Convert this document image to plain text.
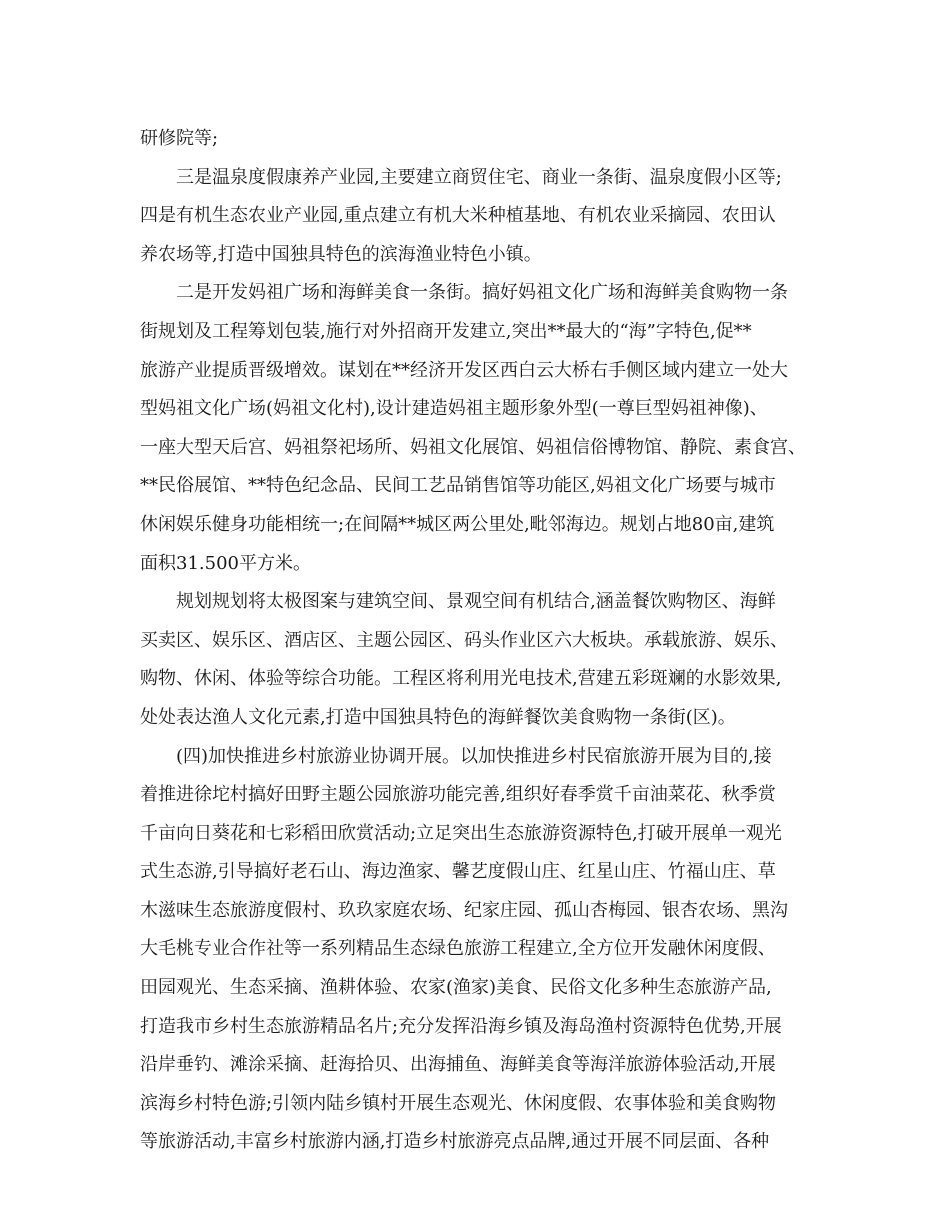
研修院等;
三是温泉度假康养产业园,主要建立商贸住宅、商业一条街、温泉度假小区等;
四是有机生态农业产业园,重点建立有机大米种植基地、有机农业采摘园、农田认
养农场等,打造中国独具特色的滨海渔业特色小镇。
二是开发妈祖广场和海鲜美食一条街。搞好妈祖文化广场和海鲜美食购物一条
街规划及工程筹划包装,施行对外招商开发建立,突出**最大的“海”字特色,促**
旅游产业提质晋级增效。谋划在**经济开发区西白云大桥右手侧区域内建立一处大
型妈祖文化广场(妈祖文化村),设计建造妈祖主题形象外型(一尊巨型妈祖神像)、
一座大型天后宫、妈祖祭祀场所、妈祖文化展馆、妈祖信俗博物馆、静院、素食宫、
**民俗展馆、**特色纪念品、民间工艺品销售馆等功能区,妈祖文化广场要与城市
休闲娱乐健身功能相统一;在间隔**城区两公里处,毗邻海边。规划占地80亩,建筑
面积31.500平方米。
规划规划将太极图案与建筑空间、景观空间有机结合,涵盖餐饮购物区、海鲜
买卖区、娱乐区、酒店区、主题公园区、码头作业区六大板块。承载旅游、娱乐、
购物、休闲、体验等综合功能。工程区将利用光电技术,营建五彩斑斓的水影效果,
处处表达渔人文化元素,打造中国独具特色的海鲜餐饮美食购物一条街(区)。
(四)加快推进乡村旅游业协调开展。以加快推进乡村民宿旅游开展为目的,接
着推进徐坨村搞好田野主题公园旅游功能完善,组织好春季赏千亩油菜花、秋季赏
千亩向日葵花和七彩稻田欣赏活动;立足突出生态旅游资源特色,打破开展单一观光
式生态游,引导搞好老石山、海边渔家、馨艺度假山庄、红星山庄、竹福山庄、草
木滋味生态旅游度假村、玖玖家庭农场、纪家庄园、孤山杏梅园、银杏农场、黑沟
大毛桃专业合作社等一系列精品生态绿色旅游工程建立,全方位开发融休闲度假、
田园观光、生态采摘、渔耕体验、农家(渔家)美食、民俗文化多种生态旅游产品,
打造我市乡村生态旅游精品名片;充分发挥沿海乡镇及海岛渔村资源特色优势,开展
沿岸垂钓、滩涂采摘、赶海拾贝、出海捕鱼、海鲜美食等海洋旅游体验活动,开展
滨海乡村特色游;引领内陆乡镇村开展生态观光、休闲度假、农事体验和美食购物
等旅游活动,丰富乡村旅游内涵,打造乡村旅游亮点品牌,通过开展不同层面、各种
